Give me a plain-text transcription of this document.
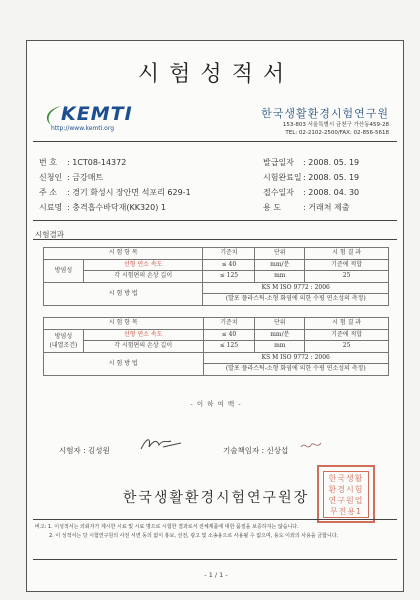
시험성적서
KEMTI
http://www.kemti.org
한국생활환경시험연구원
153-803 서울특별시 금천구 가산동459-28
TEL: 02-2102-2500/FAX: 02-856-5618
번 호 : 1CT08-14372
신청인 : 금강매트
주 소 : 경기 화성시 장안면 석포리 629-1
시료명 : 충격흡수바닥재(KK320) 1
발급일자 : 2008. 05. 19
시험완료일: 2008. 05. 19
접수일자 : 2008. 04. 30
용 도	: 거래처 제출
시험결과
시 험 항 목		기준치	단위	시 험 결 과
방염성	선형 연소 속도	≤ 40	mm/분	기준에 적합
	각 시험편의 손상 길이	≤ 125	mm	25
시 험 방 법		KS M ISO 9772 : 2006		
		(발포 플라스틱-소형 화염에 의한 수평 연소성의 측정)		
시 험 항 목		기준치	단위	시 험 결 과

방염성
(내열조건)	선형 연소 속도	≤ 40	mm/분	기준에 적합
	각 시험편의 손상 길이	≤ 125	mm	25
시 험 방 법		KS M ISO 9772 : 2006		
		(발포 플라스틱-소형 화염에 의한 수평 연소성의 측정)		
- 이 하 여 백 -
시험자 : 김성원	기술책임자 : 신상섭
한국생활환경시험연구원장
한국생활
환경시험
연구원업
무전용1
비고: 1. 이성적서는 의뢰자가 제시한 시료 및 시료 명으로 시험한 결과로서 전체제품에 대한 품질을 보증하지는 않습니다.
2. 이 성적서는 당 시험연구원의 사전 서면 동의 없이 홍보, 선전, 광고 및 소송용으로 사용될 수 없으며, 용도 이외의 사용을 금합니다.
- 1 / 1 -
